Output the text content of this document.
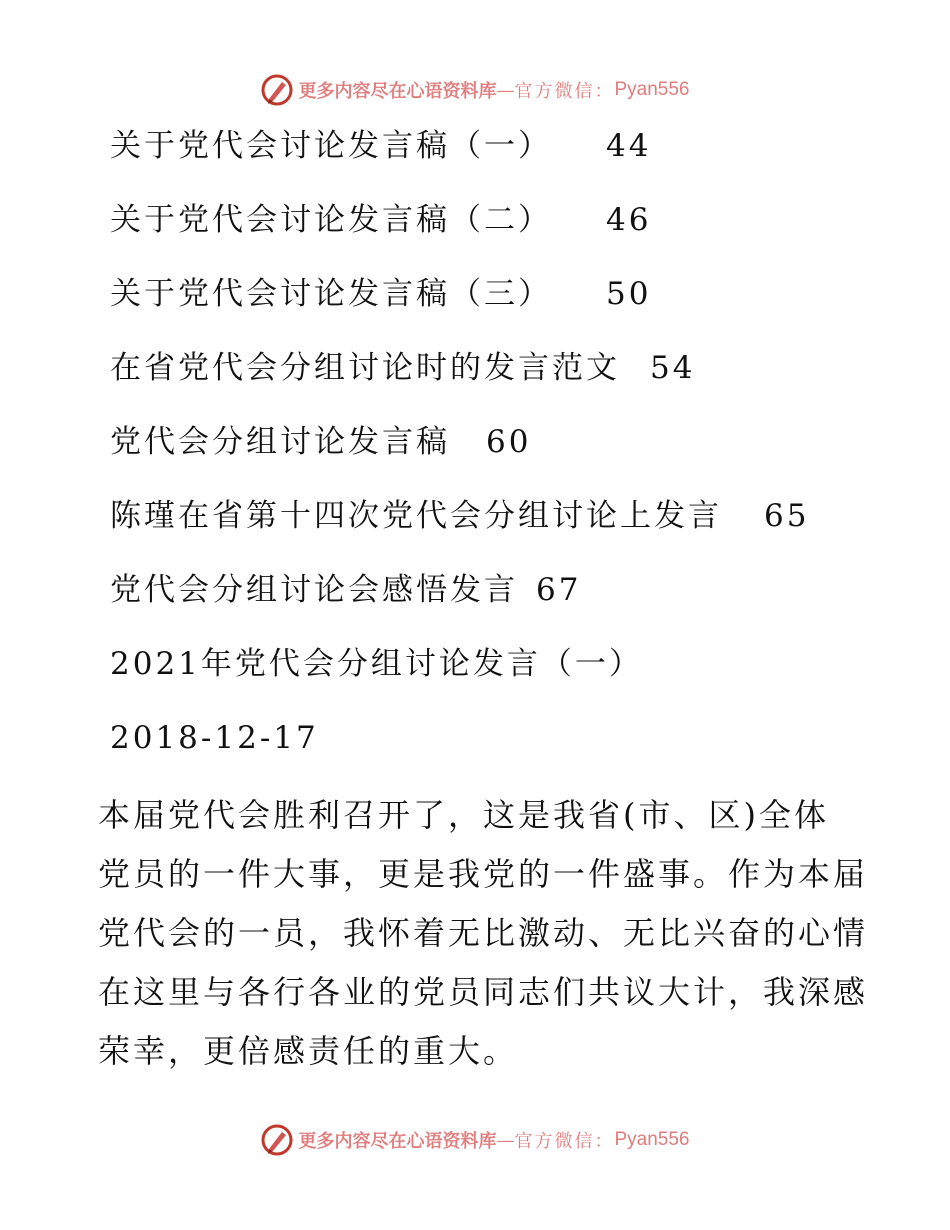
更多内容尽在心语资料库 — 官方微信： Pyan556
关于党代会讨论发言稿（一） 44
关于党代会讨论发言稿（二） 46
关于党代会讨论发言稿（三） 50
在省党代会分组讨论时的发言范文 54
党代会分组讨论发言稿 60
陈瑾在省第十四次党代会分组讨论上发言 65
党代会分组讨论会感悟发言 67
2021年党代会分组讨论发言（一）
2018-12-17
本届党代会胜利召开了，这是我省(市、区)全体
党员的一件大事，更是我党的一件盛事。作为本届
党代会的一员，我怀着无比激动、无比兴奋的心情
在这里与各行各业的党员同志们共议大计，我深感
荣幸，更倍感责任的重大。
更多内容尽在心语资料库 — 官方微信： Pyan556
